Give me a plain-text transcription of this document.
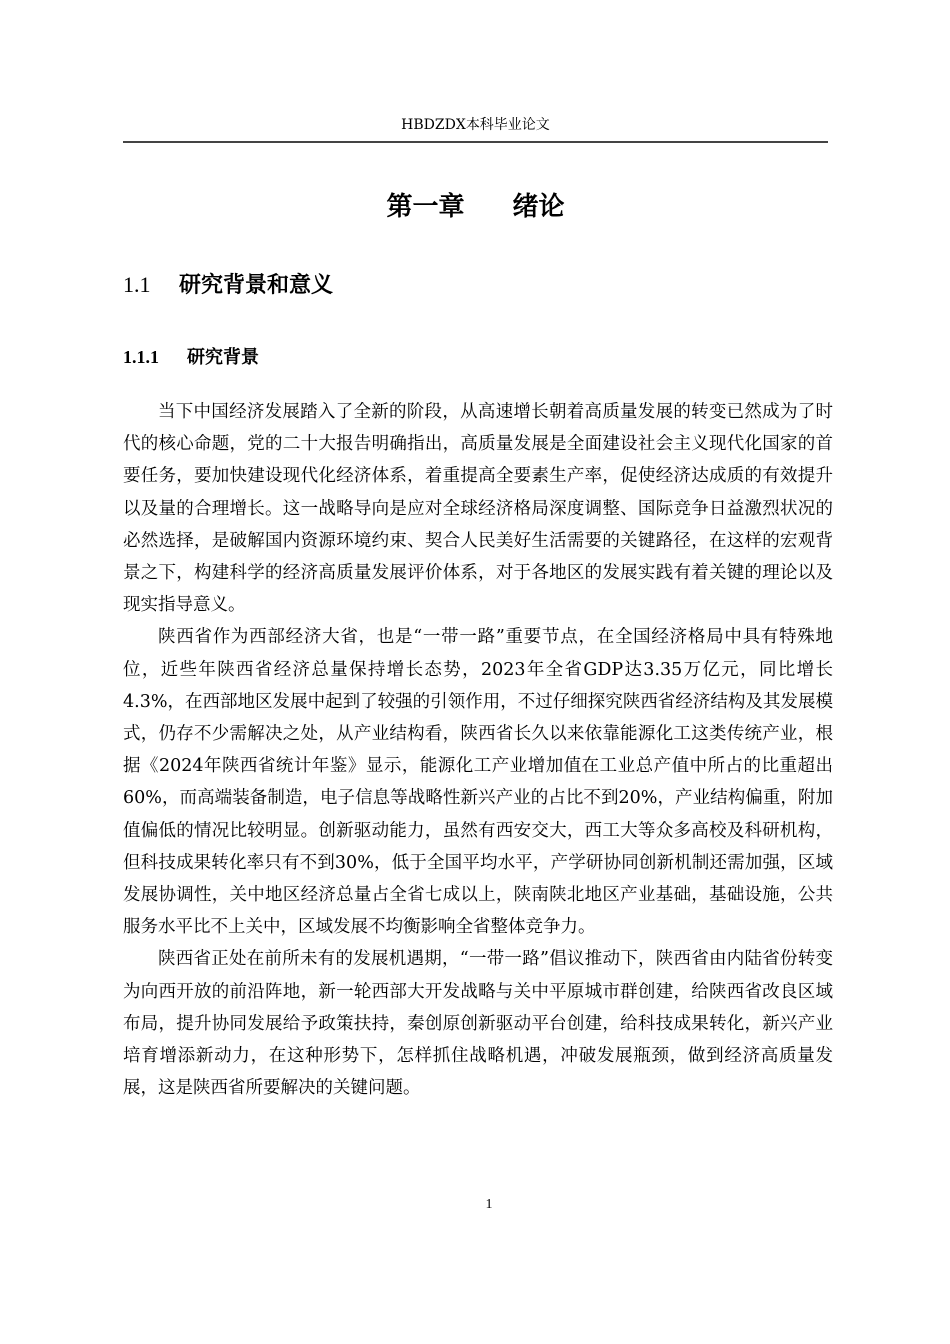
HBDZDX本科毕业论文
第一章 绪论
1.1 研究背景和意义
1.1.1 研究背景

当下中国经济发展踏入了全新的阶段，从高速增长朝着高质量发展的转变已然成为了时代的核心命题，党的二十大报告明确指出，高质量发展是全面建设社会主义现代化国家的首要任务，要加快建设现代化经济体系，着重提高全要素生产率，促使经济达成质的有效提升以及量的合理增长。这一战略导向是应对全球经济格局深度调整、国际竞争日益激烈状况的必然选择，是破解国内资源环境约束、契合人民美好生活需要的关键路径，在这样的宏观背景之下，构建科学的经济高质量发展评价体系，对于各地区的发展实践有着关键的理论以及现实指导意义。

陕西省作为西部经济大省，也是“一带一路”重要节点，在全国经济格局中具有特殊地位，近些年陕西省经济总量保持增长态势，2023年全省GDP达3.35万亿元，同比增长4.3%，在西部地区发展中起到了较强的引领作用，不过仔细探究陕西省经济结构及其发展模式，仍存不少需解决之处，从产业结构看，陕西省长久以来依靠能源化工这类传统产业，根据《2024年陕西省统计年鉴》显示，能源化工产业增加值在工业总产值中所占的比重超出60%，而高端装备制造，电子信息等战略性新兴产业的占比不到20%，产业结构偏重，附加值偏低的情况比较明显。创新驱动能力，虽然有西安交大，西工大等众多高校及科研机构，但科技成果转化率只有不到30%，低于全国平均水平，产学研协同创新机制还需加强，区域发展协调性，关中地区经济总量占全省七成以上，陕南陕北地区产业基础，基础设施，公共服务水平比不上关中，区域发展不均衡影响全省整体竞争力。

陕西省正处在前所未有的发展机遇期，“一带一路”倡议推动下，陕西省由内陆省份转变为向西开放的前沿阵地，新一轮西部大开发战略与关中平原城市群创建，给陕西省改良区域布局，提升协同发展给予政策扶持，秦创原创新驱动平台创建，给科技成果转化，新兴产业培育增添新动力，在这种形势下，怎样抓住战略机遇，冲破发展瓶颈，做到经济高质量发展，这是陕西省所要解决的关键问题。

1
